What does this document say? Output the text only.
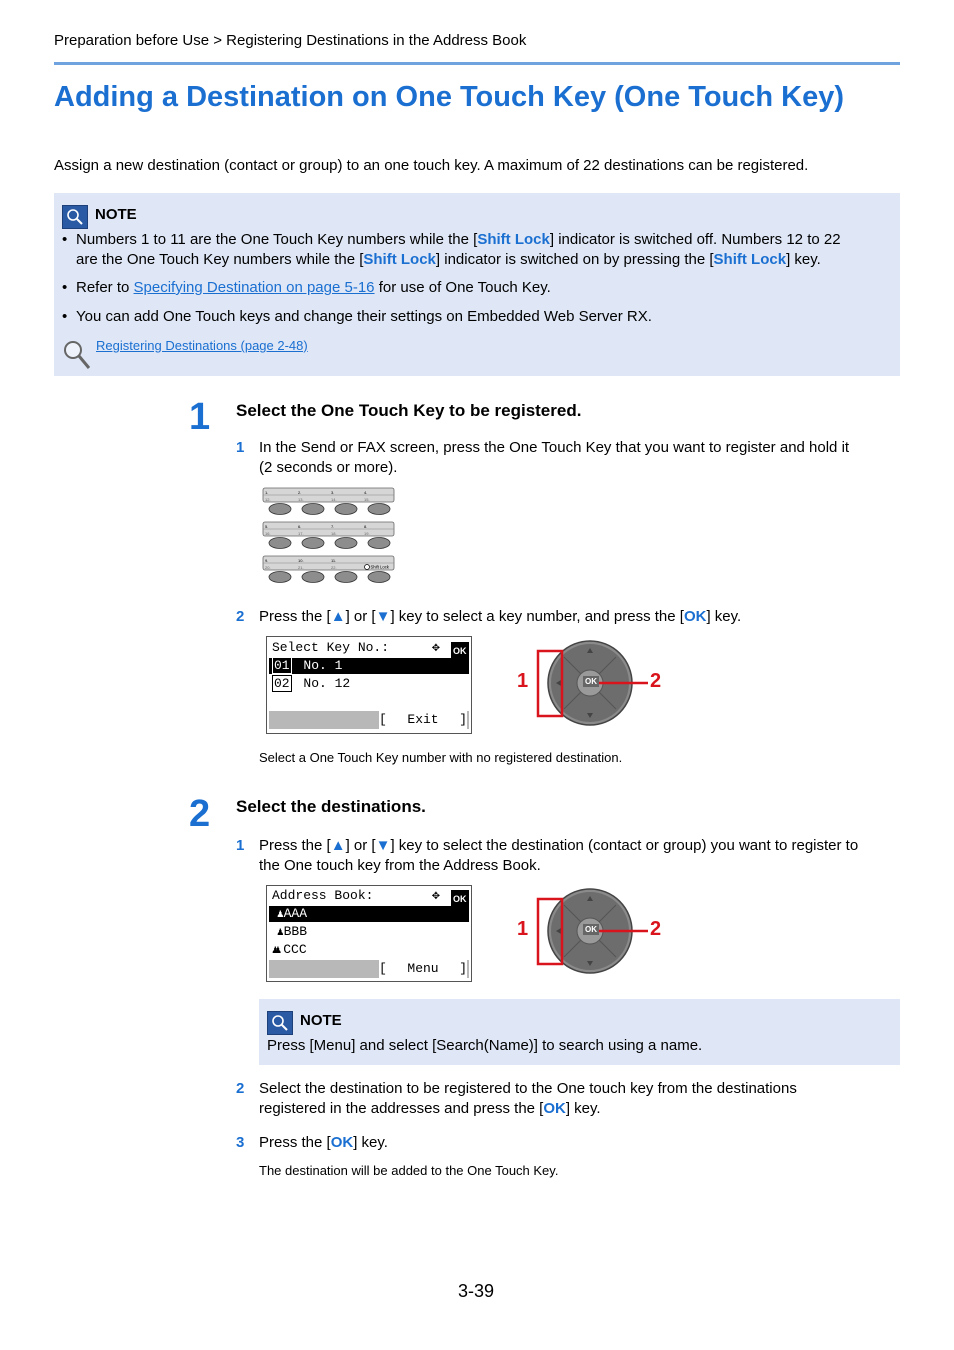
Preparation before Use > Registering Destinations in the Address Book
Adding a Destination on One Touch Key (One Touch Key)
Assign a new destination (contact or group) to an one touch key. A maximum of 22 destinations can be registered.
NOTE
• Numbers 1 to 11 are the One Touch Key numbers while the [Shift Lock] indicator is switched off. Numbers 12 to 22
are the One Touch Key numbers while the [Shift Lock] indicator is switched on by pressing the [Shift Lock] key.
• Refer to Specifying Destination on page 5-16 for use of One Touch Key.
• You can add One Touch keys and change their settings on Embedded Web Server RX.
Registering Destinations (page 2-48)
1 Select the One Touch Key to be registered.
1 In the Send or FAX screen, press the One Touch Key that you want to register and hold it
(2 seconds or more).
1.	2.	3.	4.
12.	13.	14.	15.
5.	6.	7.	8.
16.	17.	18.	19.
9.	10.	11.
20.	21.	22.	Shift Lock
2 Press the [▲] or [▼] key to select a key number, and press the [OK] key.
Select Key No.:	✥ OK
01 No. 1
02 No. 12
[ Exit ]
OK
1	2
Select a One Touch Key number with no registered destination.
2 Select the destinations.
1 Press the [▲] or [▼] key to select the destination (contact or group) you want to register to
the One touch key from the Address Book.
Address Book:	✥ OK
♟AAA
♟BBB
♟♟ CCC
[ Menu ]
OK
1	2
NOTE
Press [Menu] and select [Search(Name)] to search using a name.
2 Select the destination to be registered to the One touch key from the destinations
registered in the addresses and press the [OK] key.
3 Press the [OK] key.
The destination will be added to the One Touch Key.
3-39
